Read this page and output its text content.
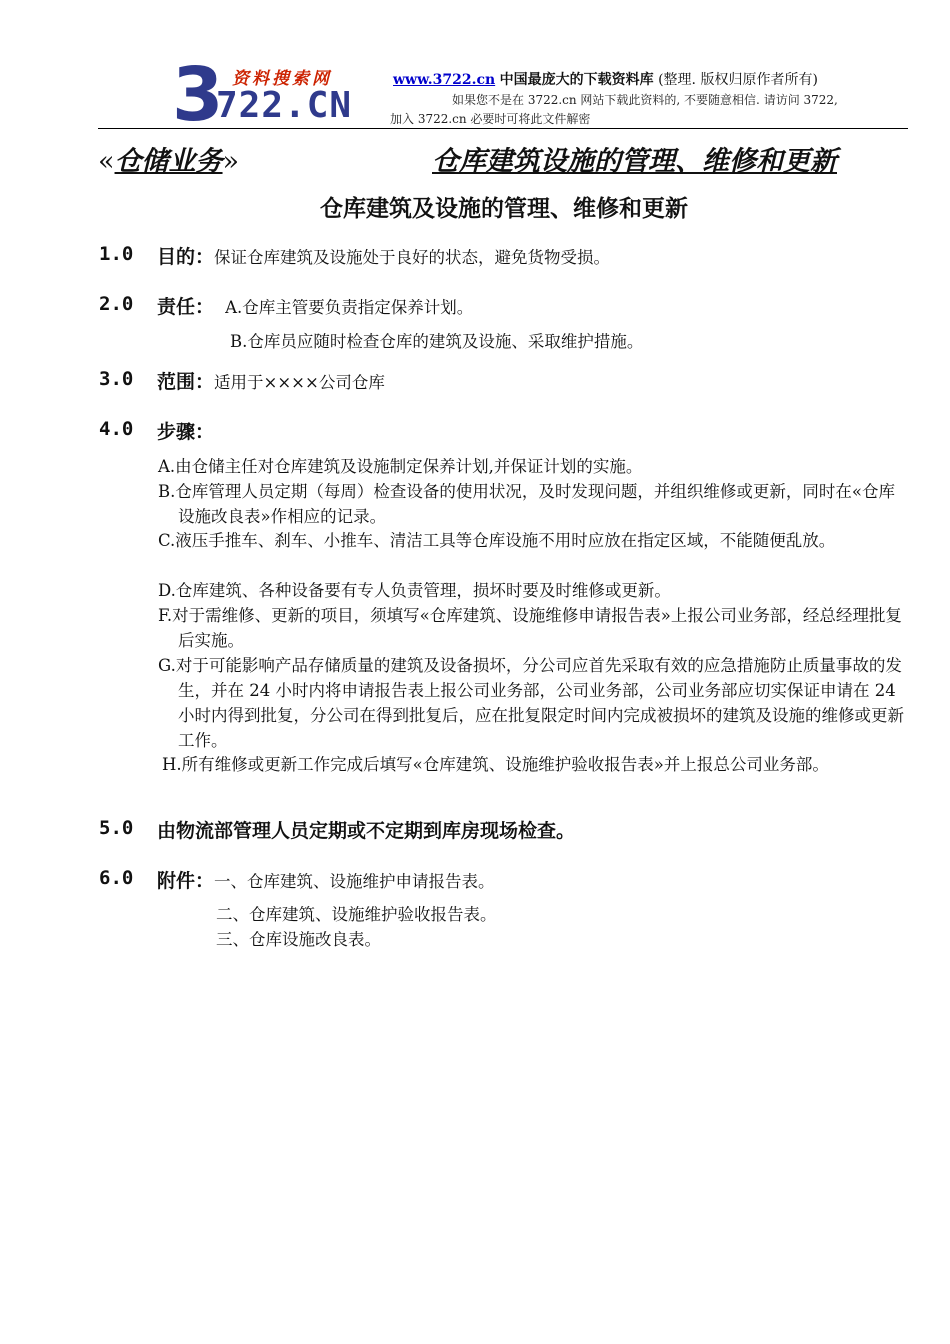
3 资料搜索网
722.CN
www.3722.cn 中国最庞大的下载资料库 (整理. 版权归原作者所有)
如果您不是在 3722.cn 网站下载此资料的, 不要随意相信. 请访问 3722,
加入 3722.cn 必要时可将此文件解密
«仓储业务»	仓库建筑设施的管理、维修和更新
仓库建筑及设施的管理、维修和更新
1.0 目的：保证仓库建筑及设施处于良好的状态，避免货物受损。
2.0 责任： A.仓库主管要负责指定保养计划。
B.仓库员应随时检查仓库的建筑及设施、采取维护措施。
3.0 范围：适用于××××公司仓库
4.0 步骤：
A.由仓储主任对仓库建筑及设施制定保养计划,并保证计划的实施。
B.仓库管理人员定期（每周）检查设备的使用状况，及时发现问题，并组织维修或更新，同时在«仓库设施改良表»作相应的记录。
C.液压手推车、刹车、小推车、清洁工具等仓库设施不用时应放在指定区域，不能随便乱放。
D.仓库建筑、各种设备要有专人负责管理，损坏时要及时维修或更新。
F.对于需维修、更新的项目，须填写«仓库建筑、设施维修申请报告表»上报公司业务部，经总经理批复后实施。
G.对于可能影响产品存储质量的建筑及设备损坏，分公司应首先采取有效的应急措施防止质量事故的发生，并在 24 小时内将申请报告表上报公司业务部，公司业务部，公司业务部应切实保证申请在 24 小时内得到批复，分公司在得到批复后，应在批复限定时间内完成被损坏的建筑及设施的维修或更新工作。
H.所有维修或更新工作完成后填写«仓库建筑、设施维护验收报告表»并上报总公司业务部。
5.0 由物流部管理人员定期或不定期到库房现场检查。
6.0 附件：一、仓库建筑、设施维护申请报告表。
二、仓库建筑、设施维护验收报告表。
三、仓库设施改良表。
